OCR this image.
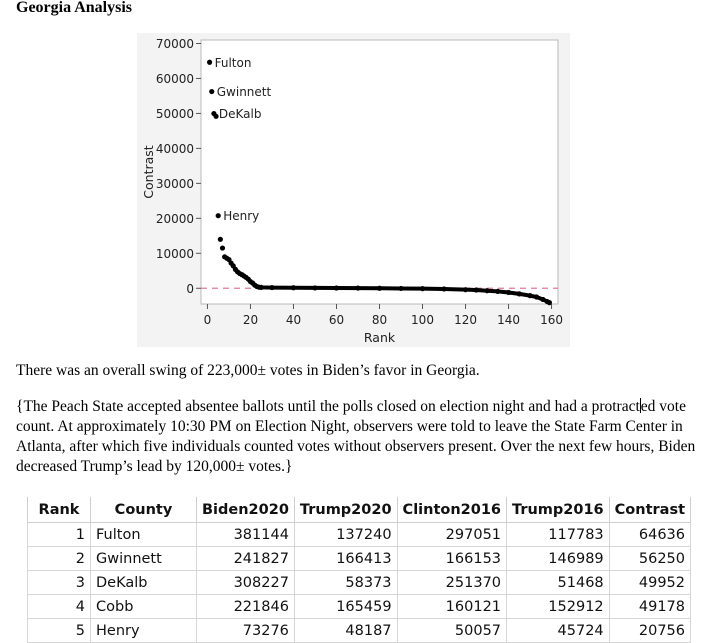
Georgia Analysis
0
10000
20000
30000
40000
50000
60000
70000
0	20 40 60 80 100 120 140 160
Rank
Contrast
Fulton
Gwinnett
DeKalb
Henry
There was an overall swing of 223,000± votes in Biden’s favor in Georgia.
{The Peach State accepted absentee ballots until the polls closed on election night and had a protracted vote count. At approximately 10:30 PM on Election Night, observers were told to leave the State Farm Center in Atlanta, after which five individuals counted votes without observers present. Over the next few hours, Biden decreased Trump’s lead by 120,000± votes.}
Rank	County	Biden2020	Trump2020	Clinton2016	Trump2016	Contrast
1	Fulton	381144	137240	297051	117783	64636
2	Gwinnett	241827	166413	166153	146989	56250
3	DeKalb	308227	58373	251370	51468	49952
4	Cobb	221846	165459	160121	152912	49178
5	Henry	73276	48187	50057	45724	20756
